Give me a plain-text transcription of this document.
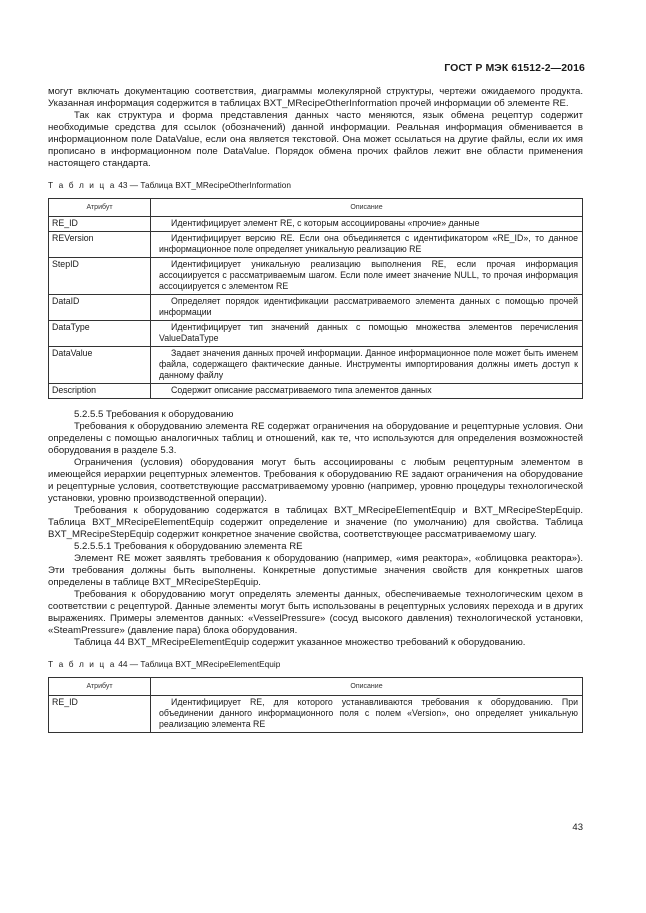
ГОСТ Р МЭК 61512-2—2016

могут включать документацию соответствия, диаграммы молекулярной структуры, чертежи ожидаемого продукта. Указанная информация содержится в таблицах BXT_MRecipeOtherInformation прочей информации об элементе RE.

Так как структура и форма представления данных часто меняются, язык обмена рецептур содержит необходимые средства для ссылок (обозначений) данной информации. Реальная информация обменивается в информационном поле DataValue, если она является текстовой. Она может ссылаться на другие файлы, если их имя прописано в информационном поле DataValue. Порядок обмена прочих файлов лежит вне области применения настоящего стандарта.

Т а б л и ц а 43 — Таблица BXT_MRecipeOtherInformation
Атрибут	Описание
RE_ID	Идентифицирует элемент RE, с которым ассоциированы «прочие» данные
REVersion	Идентифицирует версию RE. Если она объединяется с идентификатором «RE_ID», то данное информационное поле определяет уникальную реализацию RE
StepID	Идентифицирует уникальную реализацию выполнения RE, если прочая информация ассоциируется с рассматриваемым шагом. Если поле имеет значение NULL, то прочая информация ассоциируется с элементом RE
DataID	Определяет порядок идентификации рассматриваемого элемента данных с помощью прочей информации
DataType	Идентифицирует тип значений данных с помощью множества элементов перечисления ValueDataType
DataValue	Задает значения данных прочей информации. Данное информационное поле может быть именем файла, содержащего фактические данные. Инструменты импортирования должны иметь доступ к данному файлу
Description	Содержит описание рассматриваемого типа элементов данных

5.2.5.5 Требования к оборудованию

Требования к оборудованию элемента RE содержат ограничения на оборудование и рецептурные условия. Они определены с помощью аналогичных таблиц и отношений, как те, что используются для определения возможностей оборудования в разделе 5.3.

Ограничения (условия) оборудования могут быть ассоциированы с любым рецептурным элементом в имеющейся иерархии рецептурных элементов. Требования к оборудованию RE задают ограничения на оборудование и рецептурные условия, соответствующие рассматриваемому уровню (например, уровню процедуры технологической установки, уровню производственной операции).

Требования к оборудованию содержатся в таблицах BXT_MRecipeElementEquip и BXT_MRecipeStepEquip. Таблица BXT_MRecipeElementEquip содержит определение и значение (по умолчанию) для свойства. Таблица BXT_MRecipeStepEquip содержит конкретное значение свойства, соответствующее рассматриваемому шагу.

5.2.5.5.1 Требования к оборудованию элемента RE

Элемент RE может заявлять требования к оборудованию (например, «имя реактора», «облицовка реактора»). Эти требования должны быть выполнены. Конкретные допустимые значения свойств для конкретных шагов определены в таблице BXT_MRecipeStepEquip.

Требования к оборудованию могут определять элементы данных, обеспечиваемые технологическим цехом в соответствии с рецептурой. Данные элементы могут быть использованы в рецептурных условиях перехода и в других выражениях. Примеры элементов данных: «VesselPressure» (сосуд высокого давления) технологической установки, «SteamPressure» (давление пара) блока оборудования.

Таблица 44 BXT_MRecipeElementEquip содержит указанное множество требований к оборудованию.

Т а б л и ц а 44 — Таблица BXT_MRecipeElementEquip
Атрибут	Описание
RE_ID	Идентифицирует RE, для которого устанавливаются требования к оборудованию. При объединении данного информационного поля с полем «Version», оно определяет уникальную реализацию элемента RE
43
